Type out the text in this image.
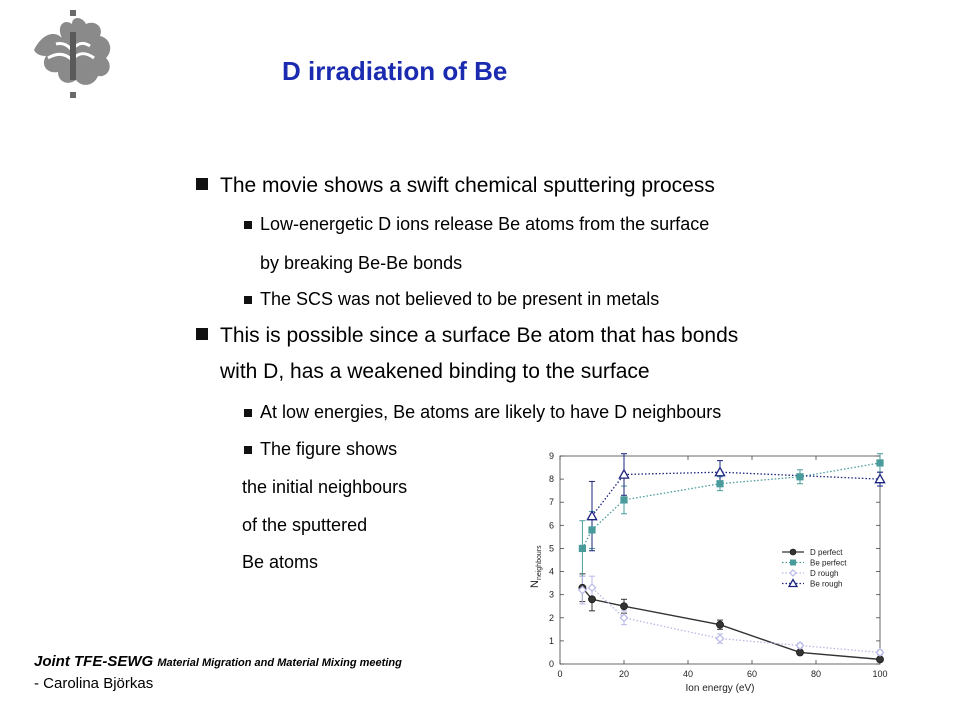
D irradiation of Be
The movie shows a swift chemical sputtering process
Low-energetic D ions release Be atoms from the surface
by breaking Be-Be bonds
The SCS was not believed to be present in metals
This is possible since a surface Be atom that has bonds
with D, has a weakened binding to the surface
At low energies, Be atoms are likely to have D neighbours
The figure shows
the initial neighbours
of the sputtered
Be atoms
0	20	40	60	80	100
0
1
2
3
4
5
6
7
8
9
Ion energy (eV)
$N_{neighbours}$	D perfect
Be perfect
D rough
Be rough
Joint TFE-SEWG Material Migration and Material Mixing meeting
- Carolina Björkas
